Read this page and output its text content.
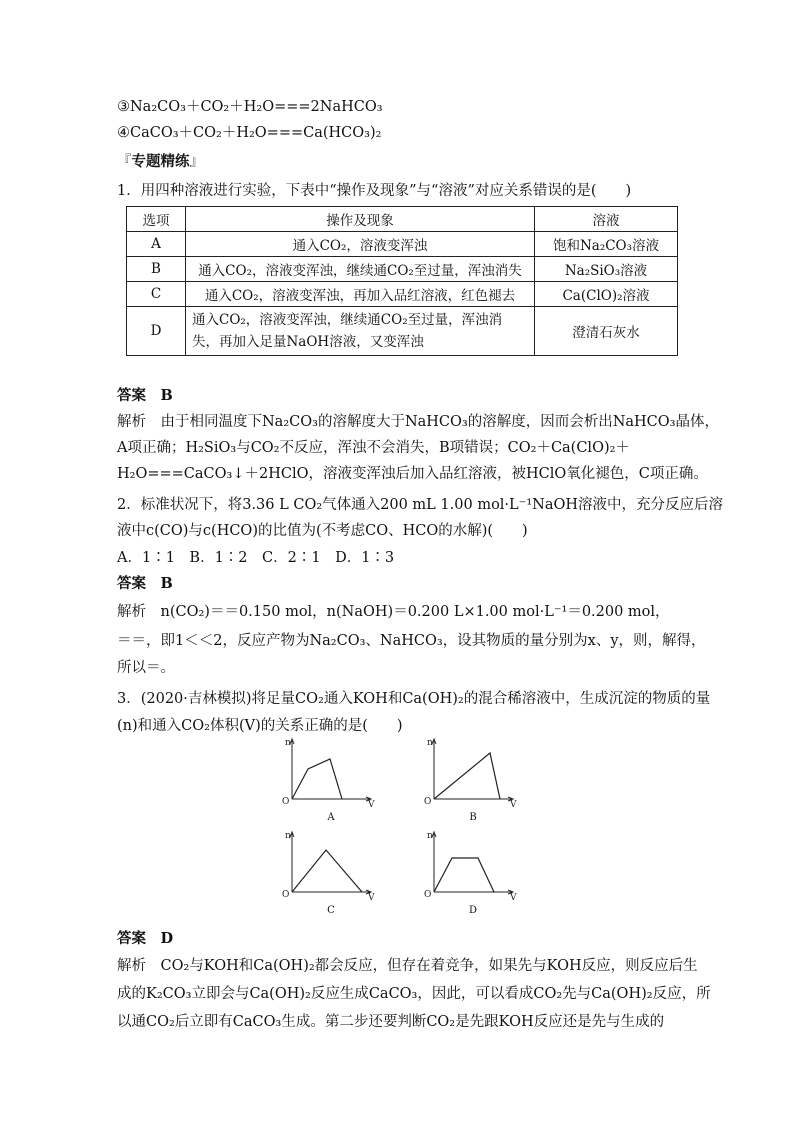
③Na₂CO₃＋CO₂＋H₂O===2NaHCO₃
④CaCO₃＋CO₂＋H₂O===Ca(HCO₃)₂
『专题精练』
1．用四种溶液进行实验，下表中“操作及现象”与“溶液”对应关系错误的是(　　)
选项	操作及现象	溶液
A	通入CO₂，溶液变浑浊	饱和Na₂CO₃溶液
B	通入CO₂，溶液变浑浊，继续通CO₂至过量，浑浊消失	Na₂SiO₃溶液
C	通入CO₂，溶液变浑浊，再加入品红溶液，红色褪去	Ca(ClO)₂溶液
D	通入CO₂，溶液变浑浊，继续通CO₂至过量，浑浊消
失，再加入足量NaOH溶液，又变浑浊	澄清石灰水
答案　B
解析　由于相同温度下Na₂CO₃的溶解度大于NaHCO₃的溶解度，因而会析出NaHCO₃晶体，
A项正确；H₂SiO₃与CO₂不反应，浑浊不会消失，B项错误；CO₂＋Ca(ClO)₂＋
H₂O===CaCO₃↓＋2HClO，溶液变浑浊后加入品红溶液，被HClO氧化褪色，C项正确。
2．标准状况下，将3.36 L CO₂气体通入200 mL 1.00 mol·L⁻¹NaOH溶液中，充分反应后溶
液中c(CO)与c(HCO)的比值为(不考虑CO、HCO的水解)(　　)
A．1∶1　B．1∶2　C．2∶1　D．1∶3
答案　B
解析　n(CO₂)＝＝0.150 mol，n(NaOH)＝0.200 L×1.00 mol·L⁻¹＝0.200 mol，
＝＝，即1＜＜2，反应产物为Na₂CO₃、NaHCO₃，设其物质的量分别为x、y，则，解得，
所以＝。
3．(2020·吉林模拟)将足量CO₂通入KOH和Ca(OH)₂的混合稀溶液中，生成沉淀的物质的量
(n)和通入CO₂体积(V)的关系正确的是(　　)
n
O	V
A
n
O	V
B
n
O	V
C
n
O	V
D
答案　D
解析　CO₂与KOH和Ca(OH)₂都会反应，但存在着竞争，如果先与KOH反应，则反应后生
成的K₂CO₃立即会与Ca(OH)₂反应生成CaCO₃，因此，可以看成CO₂先与Ca(OH)₂反应，所
以通CO₂后立即有CaCO₃生成。第二步还要判断CO₂是先跟KOH反应还是先与生成的
